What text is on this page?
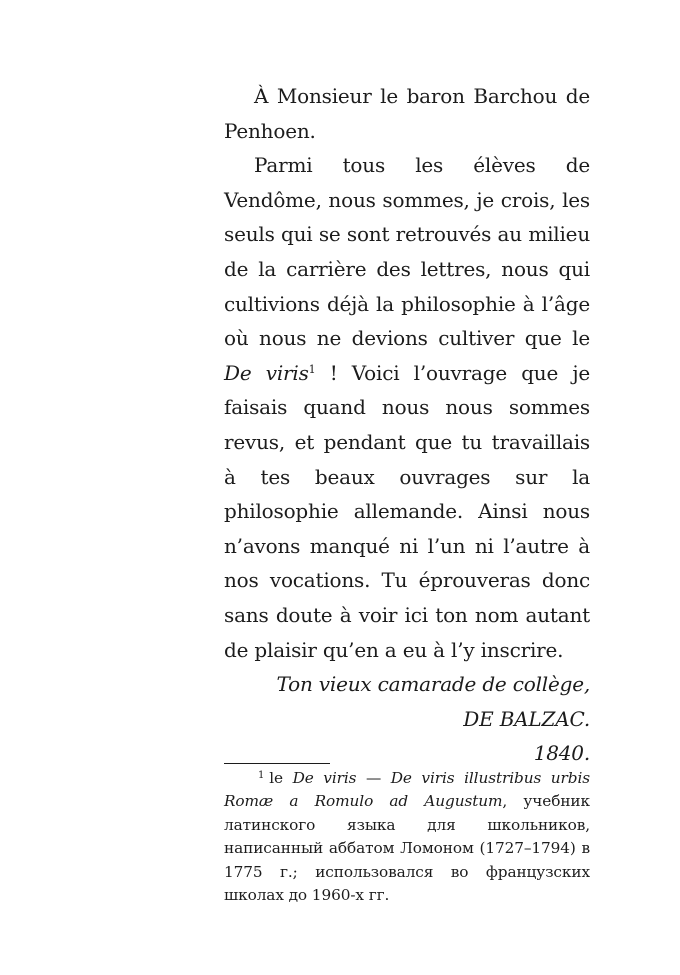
À Monsieur le baron Barchou de Penhoen.

Parmi tous les élèves de Vendôme, nous sommes, je crois, les seuls qui se sont retrouvés au milieu de la carrière des lettres, nous qui cultivions déjà la philosophie à l’âge où nous ne devions cultiver que le De viris$^1$ ! Voici l’ouvrage que je faisais quand nous nous sommes revus, et pendant que tu travaillais à tes beaux ouvrages sur la philosophie allemande. Ainsi nous n’avons manqué ni l’un ni l’autre à nos vocations. Tu éprouveras donc sans doute à voir ici ton nom autant de plaisir qu’en a eu à l’y inscrire.

Ton vieux camarade de collège,

DE BALZAC.

1840.

$^1$ le De viris — De viris illustribus urbis Romæ a Romulo ad Augustum, учебник латинского языка для школьников, написанный аббатом Ломоном (1727–1794) в 1775 г.; использовался во французских школах до 1960-х гг.
